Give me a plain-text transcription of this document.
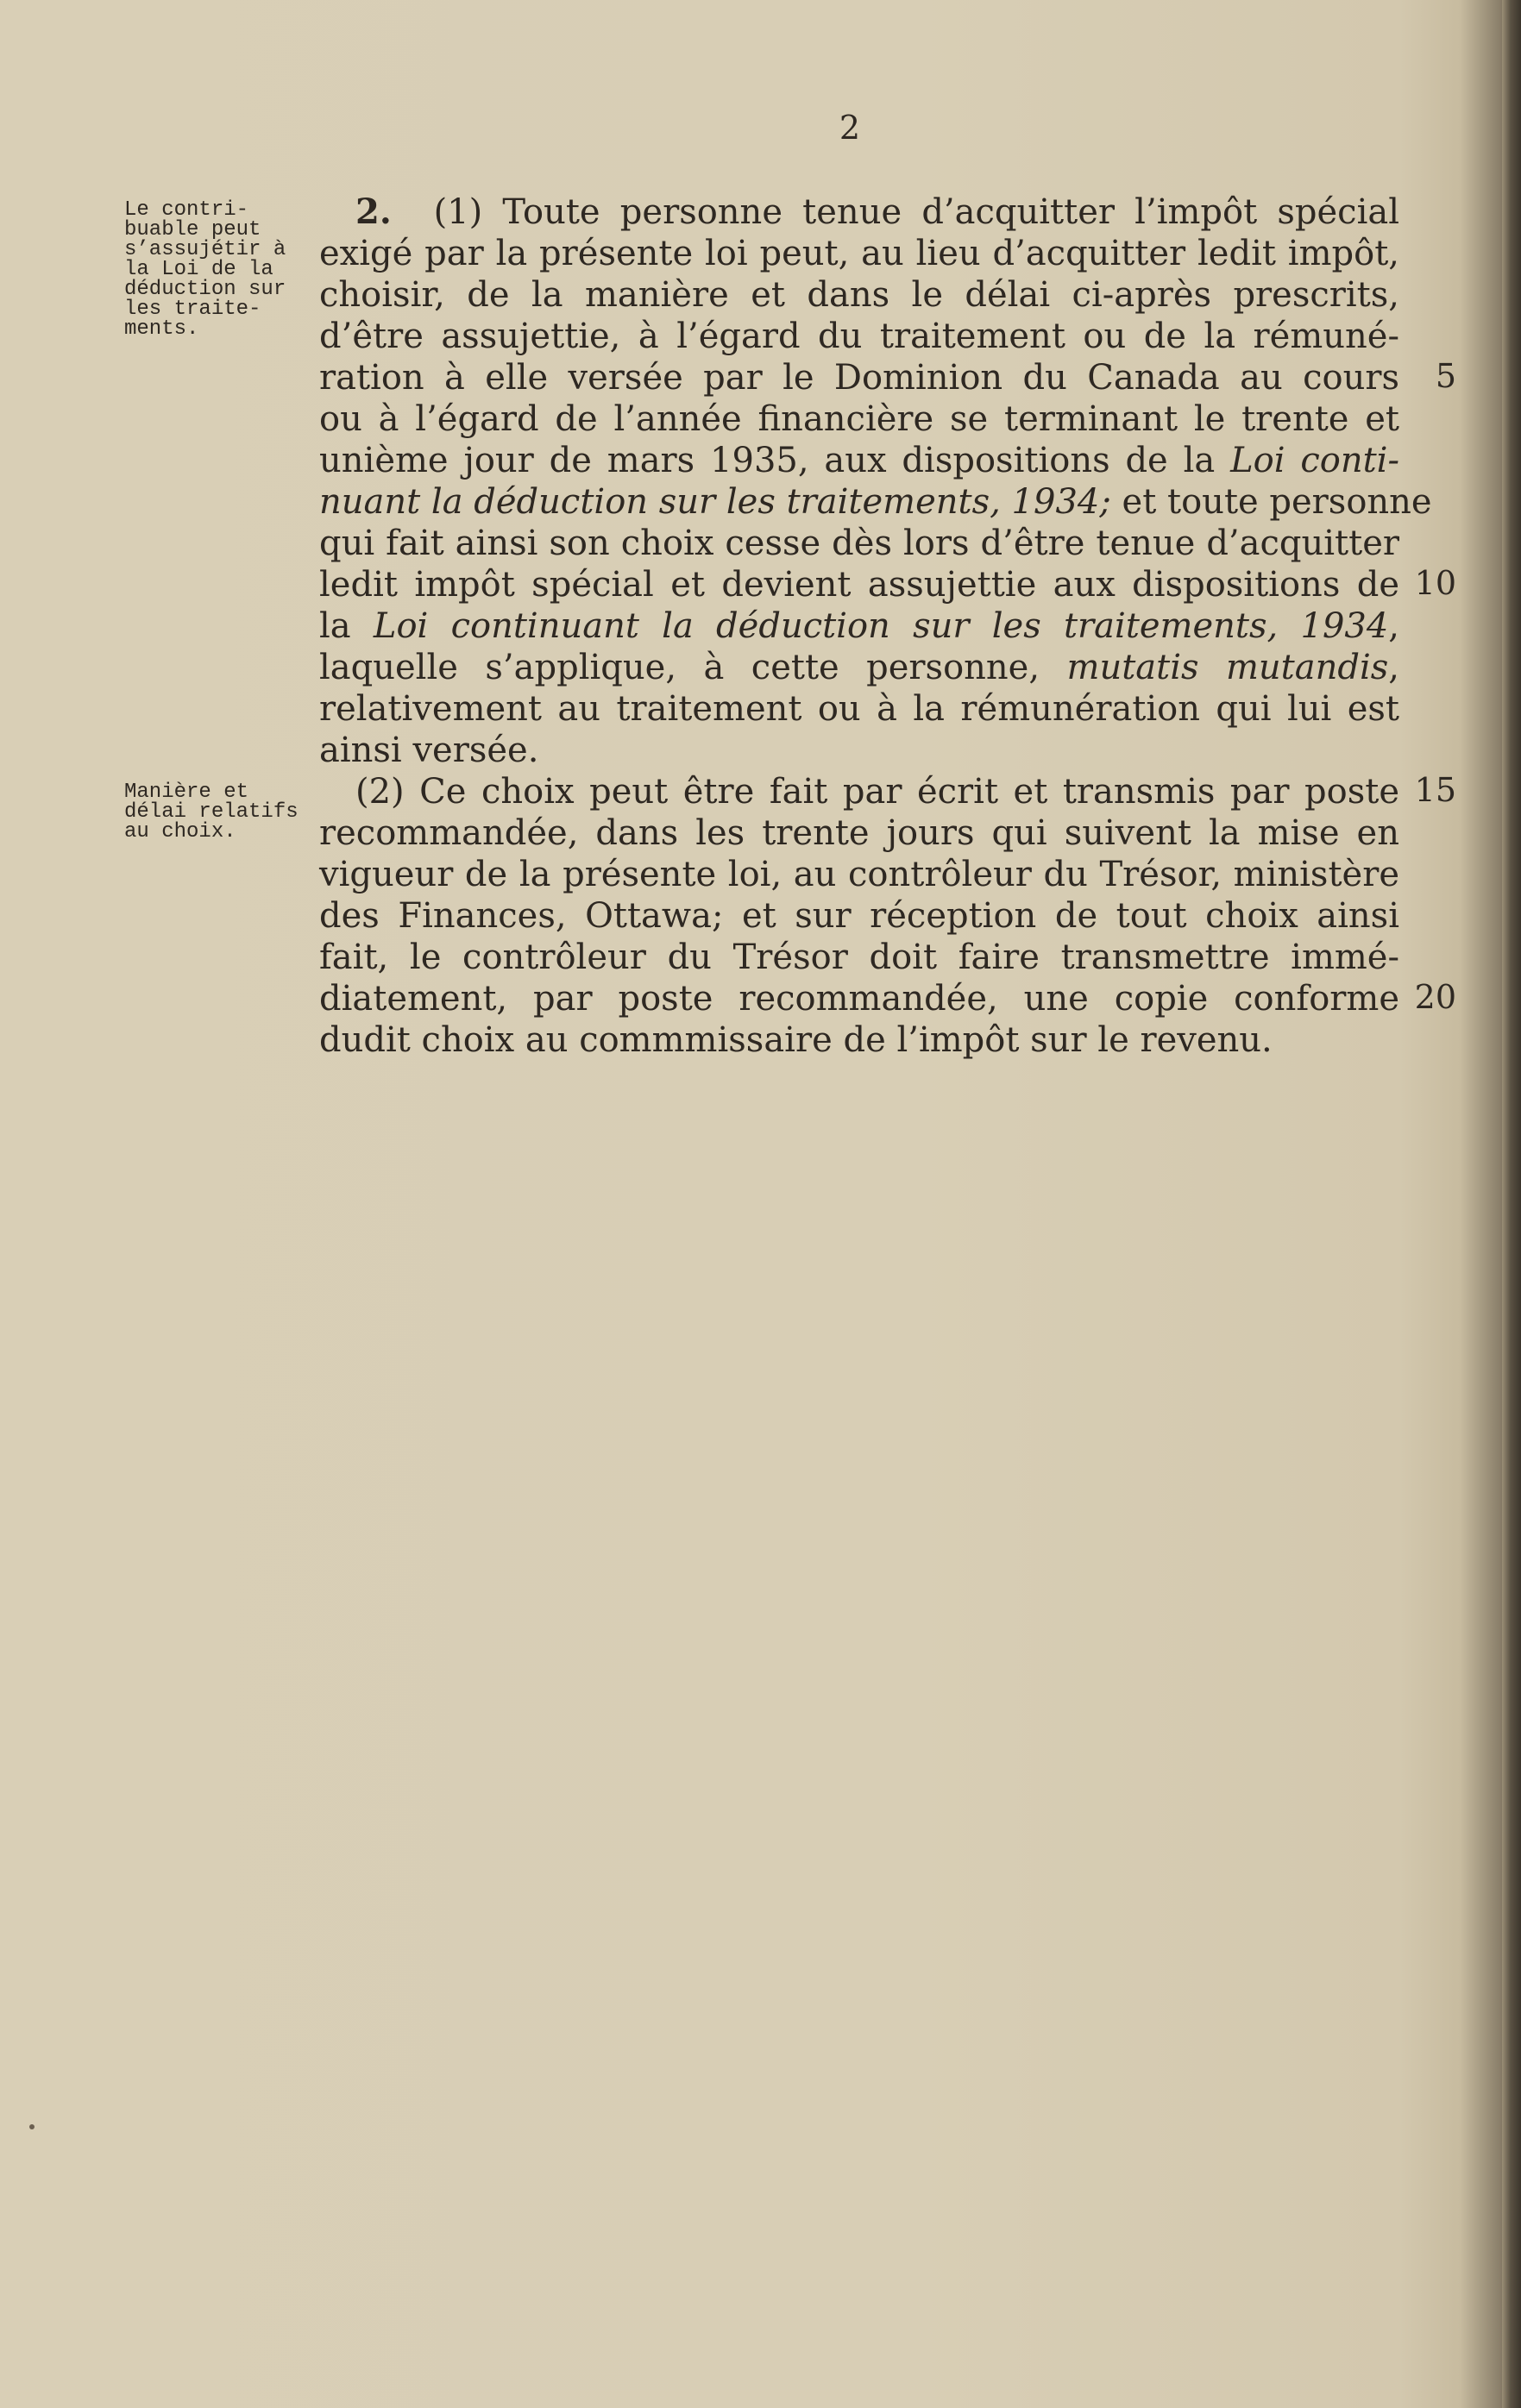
2
Le contri-
buable peut
s’assujétir à
la Loi de la
déduction sur
les traite-
ments.
Manière et
délai relatifs
au choix.
2.  (1) Toute personne tenue d’acquitter l’impôt spécial
exigé par la présente loi peut, au lieu d’acquitter ledit impôt,
choisir, de la manière et dans le délai ci-après prescrits,
d’être assujettie, à l’égard du traitement ou de la rémuné-
ration à elle versée par le Dominion du Canada au cours
ou à l’égard de l’année financière se terminant le trente et
unième jour de mars 1935, aux dispositions de la Loi conti-
nuant la déduction sur les traitements, 1934; et toute personne
qui fait ainsi son choix cesse dès lors d’être tenue d’acquitter
ledit impôt spécial et devient assujettie aux dispositions de
la Loi continuant la déduction sur les traitements, 1934,
laquelle s’applique, à cette personne, mutatis mutandis,
relativement au traitement ou à la rémunération qui lui est
ainsi versée.
(2) Ce choix peut être fait par écrit et transmis par poste
recommandée, dans les trente jours qui suivent la mise en
vigueur de la présente loi, au contrôleur du Trésor, ministère
des Finances, Ottawa; et sur réception de tout choix ainsi
fait, le contrôleur du Trésor doit faire transmettre immé-
diatement, par poste recommandée, une copie conforme
dudit choix au commmissaire de l’impôt sur le revenu.
5
10
15
20
